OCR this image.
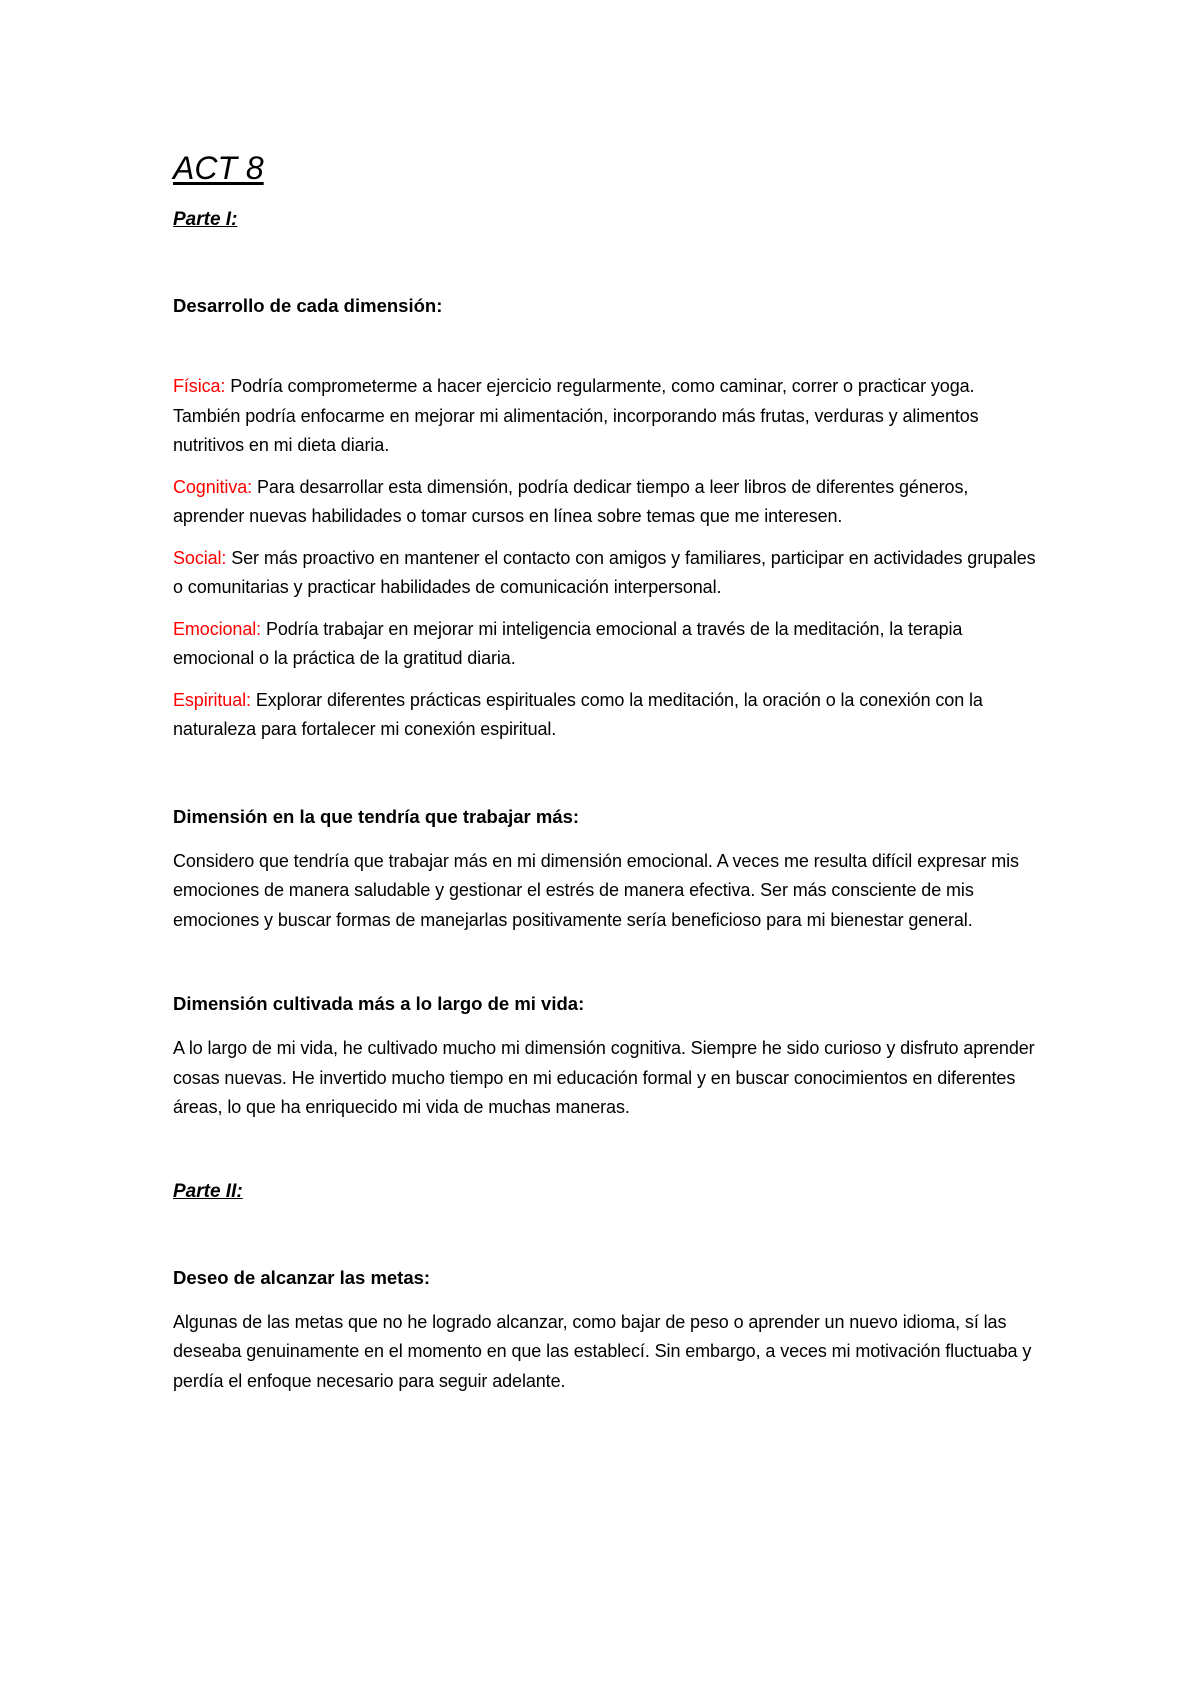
ACT 8
Parte I:
Desarrollo de cada dimensión:

Física: Podría comprometerme a hacer ejercicio regularmente, como caminar, correr o practicar yoga. También podría enfocarme en mejorar mi alimentación, incorporando más frutas, verduras y alimentos nutritivos en mi dieta diaria.

Cognitiva: Para desarrollar esta dimensión, podría dedicar tiempo a leer libros de diferentes géneros, aprender nuevas habilidades o tomar cursos en línea sobre temas que me interesen.

Social: Ser más proactivo en mantener el contacto con amigos y familiares, participar en actividades grupales o comunitarias y practicar habilidades de comunicación interpersonal.

Emocional: Podría trabajar en mejorar mi inteligencia emocional a través de la meditación, la terapia emocional o la práctica de la gratitud diaria.

Espiritual: Explorar diferentes prácticas espirituales como la meditación, la oración o la conexión con la naturaleza para fortalecer mi conexión espiritual.

Dimensión en la que tendría que trabajar más:

Considero que tendría que trabajar más en mi dimensión emocional. A veces me resulta difícil expresar mis emociones de manera saludable y gestionar el estrés de manera efectiva. Ser más consciente de mis emociones y buscar formas de manejarlas positivamente sería beneficioso para mi bienestar general.

Dimensión cultivada más a lo largo de mi vida:

A lo largo de mi vida, he cultivado mucho mi dimensión cognitiva. Siempre he sido curioso y disfruto aprender cosas nuevas. He invertido mucho tiempo en mi educación formal y en buscar conocimientos en diferentes áreas, lo que ha enriquecido mi vida de muchas maneras.

Parte II:
Deseo de alcanzar las metas:

Algunas de las metas que no he logrado alcanzar, como bajar de peso o aprender un nuevo idioma, sí las deseaba genuinamente en el momento en que las establecí. Sin embargo, a veces mi motivación fluctuaba y perdía el enfoque necesario para seguir adelante.
